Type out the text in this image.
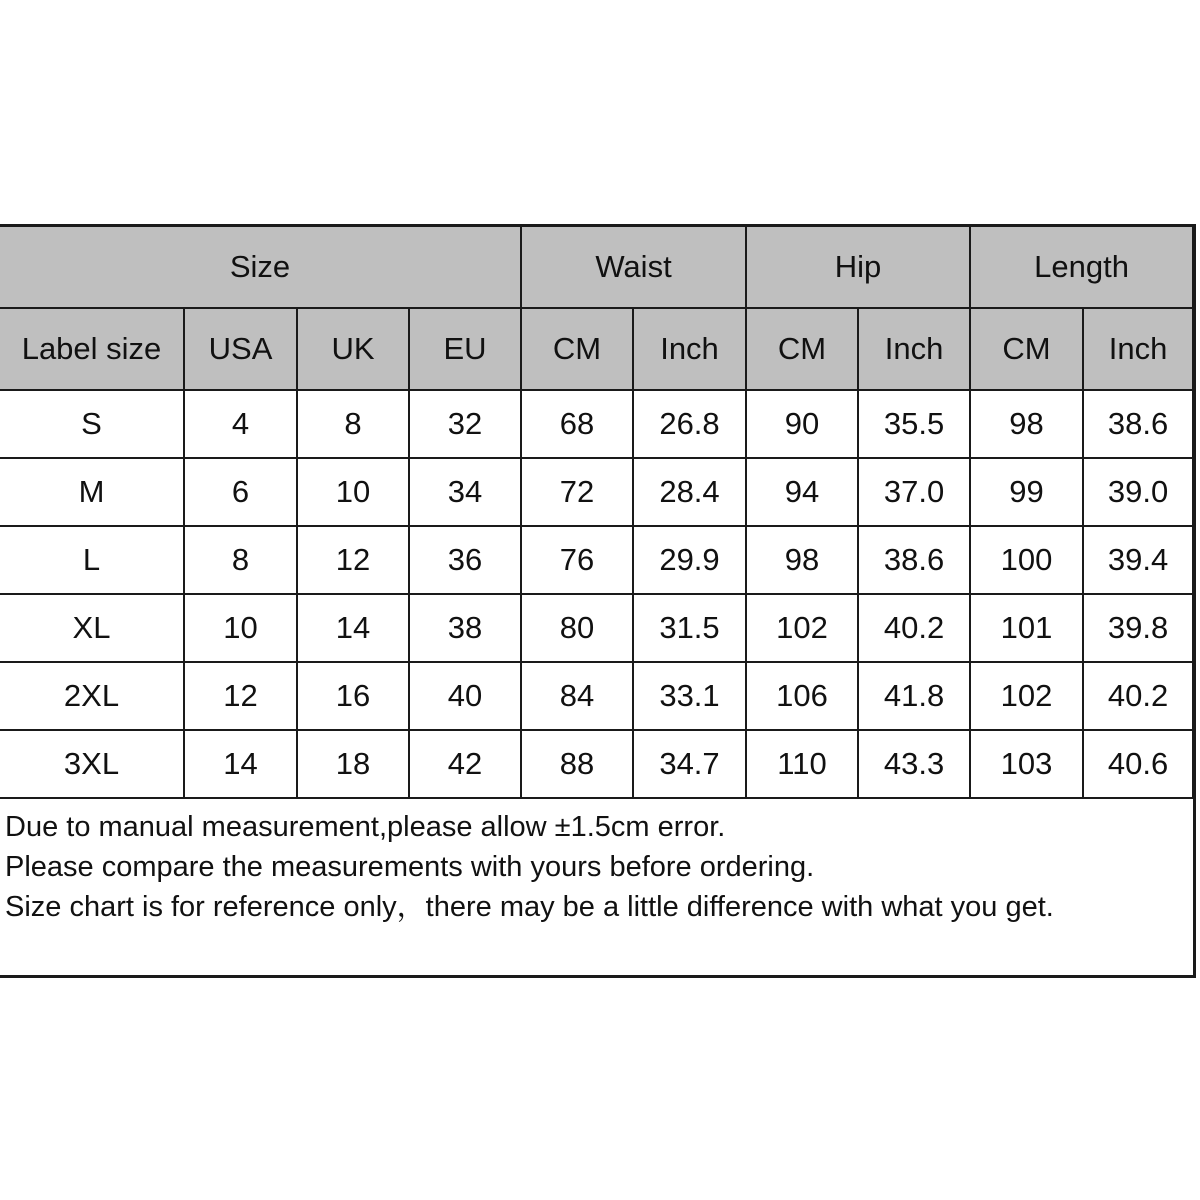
Size				Waist		Hip		Length	
Label size	USA	UK	EU	CM	Inch	CM	Inch	CM	Inch
S	4	8	32	68	26.8	90	35.5	98	38.6
M	6	10	34	72	28.4	94	37.0	99	39.0
L	8	12	36	76	29.9	98	38.6	100	39.4
XL	10	14	38	80	31.5	102	40.2	101	39.8
2XL	12	16	40	84	33.1	106	41.8	102	40.2
3XL	14	18	42	88	34.7	110	43.3	103	40.6

Due to manual measurement,please allow ±1.5cm error.

Please compare the measurements with yours before ordering.

Size chart is for reference only，there may be a little difference with what you get.
